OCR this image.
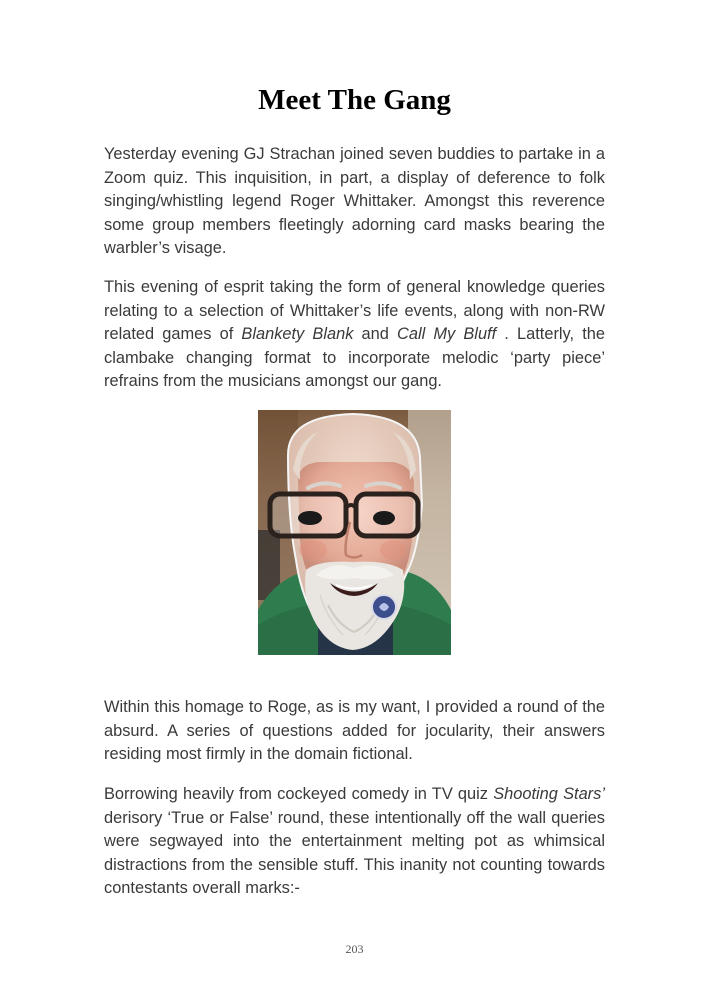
Meet The Gang

Yesterday evening GJ Strachan joined seven buddies to partake in a Zoom quiz. This inquisition, in part, a display of deference to folk singing/whistling legend Roger Whittaker. Amongst this reverence some group members fleetingly adorning card masks bearing the warbler’s visage.

This evening of esprit taking the form of general knowledge queries relating to a selection of Whittaker’s life events, along with non-RW related games of Blankety Blank and Call My Bluff . Latterly, the clambake changing format to incorporate melodic ‘party piece’ refrains from the musicians amongst our gang.

Within this homage to Roge, as is my want, I provided a round of the absurd. A series of questions added for jocularity, their answers residing most firmly in the domain fictional.

Borrowing heavily from cockeyed comedy in TV quiz Shooting Stars’ derisory ‘True or False’ round, these intentionally off the wall queries were segwayed into the entertainment melting pot as whimsical distractions from the sensible stuff. This inanity not counting towards contestants overall marks:-

203
